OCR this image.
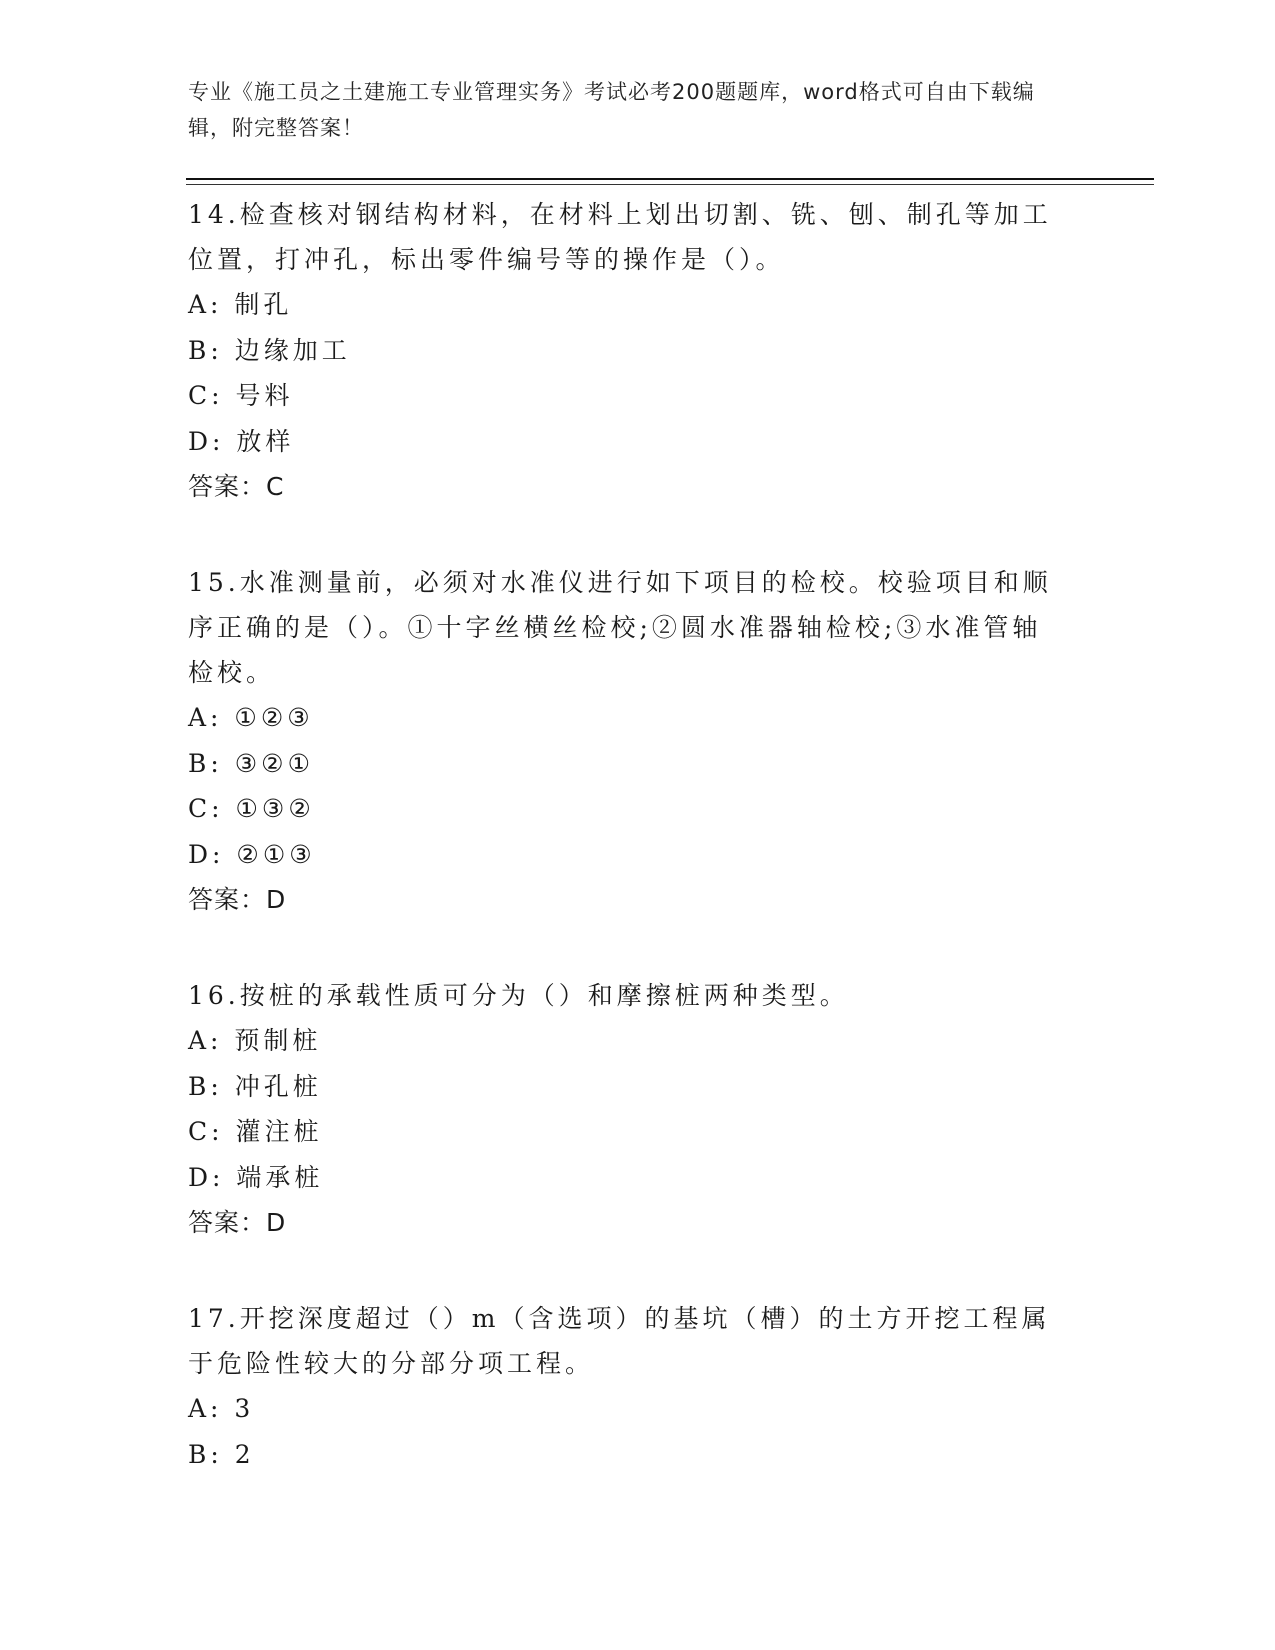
专业《施工员之土建施工专业管理实务》考试必考200题题库，word格式可自由下载编辑，附完整答案！
14.检查核对钢结构材料，在材料上划出切割、铣、刨、制孔等加工位置，打冲孔，标出零件编号等的操作是（）。
A: 制孔
B: 边缘加工
C: 号料
D: 放样
答案：C
15.水准测量前，必须对水准仪进行如下项目的检校。校验项目和顺序正确的是（）。①十字丝横丝检校;②圆水准器轴检校;③水准管轴检校。
A: ①②③
B: ③②①
C: ①③②
D: ②①③
答案：D
16.按桩的承载性质可分为（）和摩擦桩两种类型。
A: 预制桩
B: 冲孔桩
C: 灌注桩
D: 端承桩
答案：D
17.开挖深度超过（）m（含选项）的基坑（槽）的土方开挖工程属于危险性较大的分部分项工程。
A: 3
B: 2
